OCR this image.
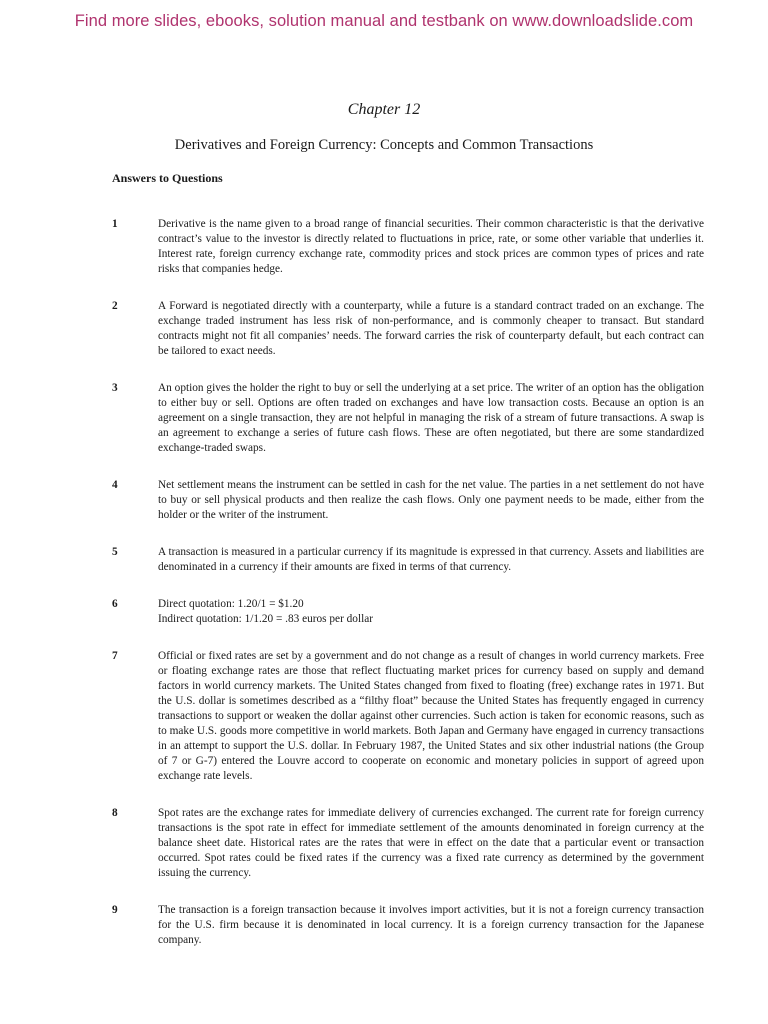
Find more slides, ebooks, solution manual and testbank on www.downloadslide.com
Chapter 12
Derivatives and Foreign Currency: Concepts and Common Transactions
Answers to Questions
1	Derivative is the name given to a broad range of financial securities. Their common characteristic is that the derivative contract’s value to the investor is directly related to fluctuations in price, rate, or some other variable that underlies it. Interest rate, foreign currency exchange rate, commodity prices and stock prices are common types of prices and rate risks that companies hedge.

2	A Forward is negotiated directly with a counterparty, while a future is a standard contract traded on an exchange. The exchange traded instrument has less risk of non-performance, and is commonly cheaper to transact. But standard contracts might not fit all companies’ needs. The forward carries the risk of counterparty default, but each contract can be tailored to exact needs.

3	An option gives the holder the right to buy or sell the underlying at a set price. The writer of an option has the obligation to either buy or sell. Options are often traded on exchanges and have low transaction costs. Because an option is an agreement on a single transaction, they are not helpful in managing the risk of a stream of future transactions. A swap is an agreement to exchange a series of future cash flows. These are often negotiated, but there are some standardized exchange-traded swaps.

4	Net settlement means the instrument can be settled in cash for the net value. The parties in a net settlement do not have to buy or sell physical products and then realize the cash flows. Only one payment needs to be made, either from the holder or the writer of the instrument.

5	A transaction is measured in a particular currency if its magnitude is expressed in that currency. Assets and liabilities are denominated in a currency if their amounts are fixed in terms of that currency.

6	Direct quotation: 1.20/1 = $1.20
Indirect quotation: 1/1.20 = .83 euros per dollar

7	Official or fixed rates are set by a government and do not change as a result of changes in world currency markets. Free or floating exchange rates are those that reflect fluctuating market prices for currency based on supply and demand factors in world currency markets. The United States changed from fixed to floating (free) exchange rates in 1971. But the U.S. dollar is sometimes described as a “filthy float” because the United States has frequently engaged in currency transactions to support or weaken the dollar against other currencies. Such action is taken for economic reasons, such as to make U.S. goods more competitive in world markets. Both Japan and Germany have engaged in currency transactions in an attempt to support the U.S. dollar. In February 1987, the United States and six other industrial nations (the Group of 7 or G-7) entered the Louvre accord to cooperate on economic and monetary policies in support of agreed upon exchange rate levels.

8	Spot rates are the exchange rates for immediate delivery of currencies exchanged. The current rate for foreign currency transactions is the spot rate in effect for immediate settlement of the amounts denominated in foreign currency at the balance sheet date. Historical rates are the rates that were in effect on the date that a particular event or transaction occurred. Spot rates could be fixed rates if the currency was a fixed rate currency as determined by the government issuing the currency.

9	The transaction is a foreign transaction because it involves import activities, but it is not a foreign currency transaction for the U.S. firm because it is denominated in local currency. It is a foreign currency transaction for the Japanese company.
